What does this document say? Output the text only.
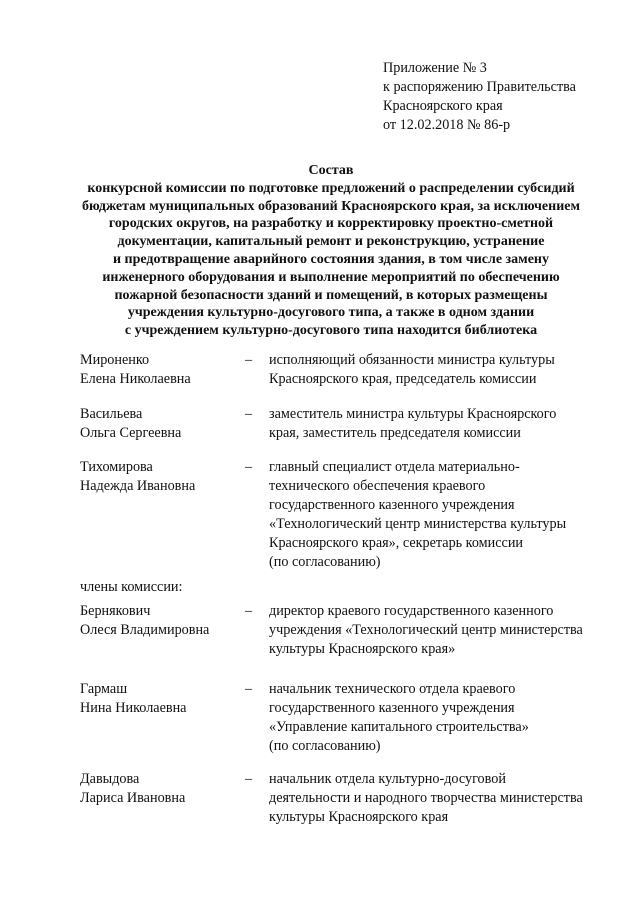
Приложение № 3
к распоряжению Правительства
Красноярского края
от 12.02.2018 № 86-р
Состав
конкурсной комиссии по подготовке предложений о распределении субсидий
бюджетам муниципальных образований Красноярского края, за исключением
городских округов, на разработку и корректировку проектно-сметной
документации, капитальный ремонт и реконструкцию, устранение
и предотвращение аварийного состояния здания, в том числе замену
инженерного оборудования и выполнение мероприятий по обеспечению
пожарной безопасности зданий и помещений, в которых размещены
учреждения культурно-досугового типа, а также в одном здании
с учреждением культурно-досугового типа находится библиотека
Мироненко
Елена Николаевна
– исполняющий обязанности министра культуры
Красноярского края, председатель комиссии
Васильева
Ольга Сергеевна
– заместитель министра культуры Красноярского
края, заместитель председателя комиссии
Тихомирова
Надежда Ивановна
– главный специалист отдела материально-
технического обеспечения краевого
государственного казенного учреждения
«Технологический центр министерства культуры
Красноярского края», секретарь комиссии
(по согласованию)
члены комиссии:
Бернякович
Олеся Владимировна
– директор краевого государственного казенного
учреждения «Технологический центр министерства
культуры Красноярского края»
Гармаш
Нина Николаевна
– начальник технического отдела краевого
государственного казенного учреждения
«Управление капитального строительства»
(по согласованию)
Давыдова
Лариса Ивановна
– начальник отдела культурно-досуговой
деятельности и народного творчества министерства
культуры Красноярского края
